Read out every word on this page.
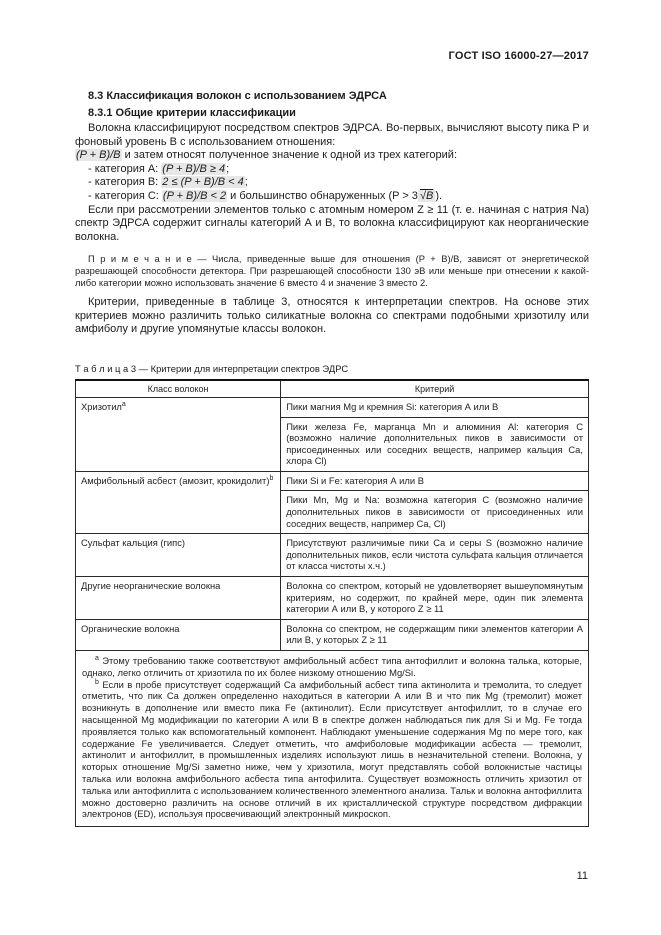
ГОСТ ISO 16000-27—2017
8.3 Классификация волокон с использованием ЭДРСА
8.3.1 Общие критерии классификации

Волокна классифицируют посредством спектров ЭДРСА. Во-первых, вычисляют высоту пика P и фоновый уровень B с использованием отношения:

(P + B)/B и затем относят полученное значение к одной из трех категорий:

- категория А: (P + B)/B ≥ 4;

- категория В: 2 ≤ (P + B)/B < 4;

- категория С: (P + B)/B < 2 и большинство обнаруженных (P > 3 √B ).

Если при рассмотрении элементов только с атомным номером Z ≥ 11 (т. е. начиная с натрия Na) спектр ЭДРСА содержит сигналы категорий А и В, то волокна классифицируют как неорганические волокна.

П р и м е ч а н и е — Числа, приведенные выше для отношения (P + B)/B, зависят от энергетической разрешающей способности детектора. При разрешающей способности 130 эВ или меньше при отнесении к какой-либо категории можно использовать значение 6 вместо 4 и значение 3 вместо 2.

Критерии, приведенные в таблице 3, относятся к интерпретации спектров. На основе этих критериев можно различить только силикатные волокна со спектрами подобными хризотилу или амфиболу и другие упомянутые классы волокон.

Т а б л и ц а 3 — Критерии для интерпретации спектров ЭДРС
Класс волокон	Критерий
Хризотил$^a$	Пики магния Mg и кремния Si: категория А или В
	Пики железа Fe, марганца Mn и алюминия Al: категория С (возможно наличие дополнительных пиков в зависимости от присоединенных или соседних веществ, например кальция Ca, хлора Cl)
Амфибольный асбест (амозит, крокидолит)$^b$	Пики Si и Fe: категория А или В
	Пики Mn, Mg и Na: возможна категория С (возможно наличие дополнительных пиков в зависимости от присоединенных или соседних веществ, например Ca, Cl)
Сульфат кальция (гипс)	Присутствуют различимые пики Ca и серы S (возможно наличие дополнительных пиков, если чистота сульфата кальция отличается от класса чистоты х.ч.)
Другие неорганические волокна	Волокна со спектром, который не удовлетворяет вышеупомянутым критериям, но содержит, по крайней мере, один пик элемента категории А или В, у которого Z ≥ 11
Органические волокна	Волокна со спектром, не содержащим пики элементов категории А или В, у которых Z ≥ 11

$^a$ Этому требованию также соответствуют амфибольный асбест типа антофиллит и волокна талька, которые, однако, легко отличить от хризотила по их более низкому отношению Mg/Si.

$^b$ Если в пробе присутствует содержащий Ca амфибольный асбест типа актинолита и тремолита, то следует отметить, что пик Ca должен определенно находиться в категории А или В и что пик Mg (тремолит) может возникнуть в дополнение или вместо пика Fe (актинолит). Если присутствует антофиллит, то в случае его насыщенной Mg модификации по категории А или В в спектре должен наблюдаться пик для Si и Mg. Fe тогда проявляется только как вспомогательный компонент. Наблюдают уменьшение содержания Mg по мере того, как содержание Fe увеличивается. Следует отметить, что амфиболовые модификации асбеста — тремолит, актинолит и антофиллит, в промышленных изделиях используют лишь в незначительной степени. Волокна, у которых отношение Mg/Si заметно ниже, чем у хризотила, могут представлять собой волокнистые частицы талька или волокна амфибольного асбеста типа антофилита. Существует возможность отличить хризотил от талька или антофиллита с использованием количественного элементного анализа. Тальк и волокна антофиллита можно достоверно различить на основе отличий в их кристаллической структуре посредством дифракции электронов (ED), используя просвечивающий электронный микроскоп.	

11
